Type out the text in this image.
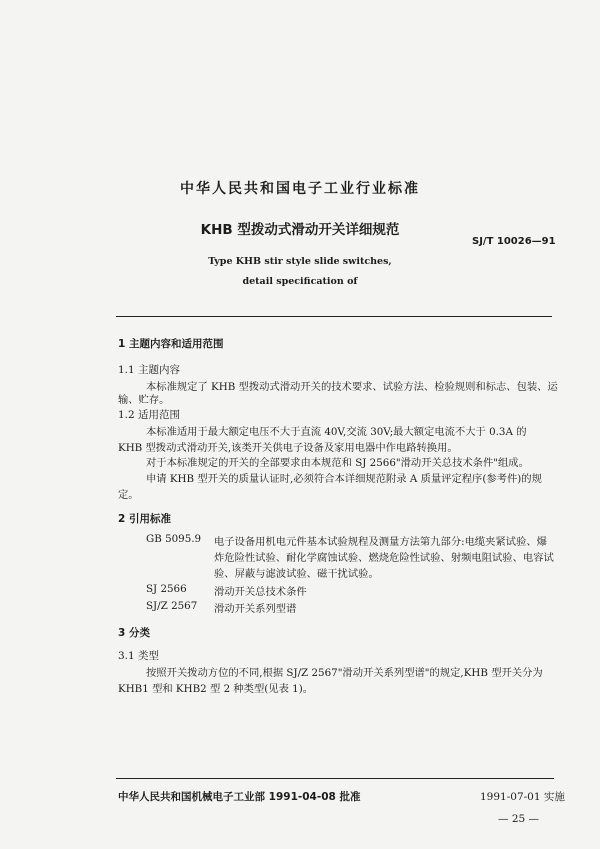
中华人民共和国电子工业行业标准
KHB 型拨动式滑动开关详细规范
SJ/T 10026—91
Type KHB stir style slide switches,
detail specification of
1 主题内容和适用范围
1.1 主题内容
本标准规定了 KHB 型拨动式滑动开关的技术要求、试验方法、检验规则和标志、包装、运
输、贮存。
1.2 适用范围
本标准适用于最大额定电压不大于直流 40V,交流 30V;最大额定电流不大于 0.3A 的
KHB 型拨动式滑动开关,该类开关供电子设备及家用电器中作电路转换用。
对于本标准规定的开关的全部要求由本规范和 SJ 2566"滑动开关总技术条件"组成。
申请 KHB 型开关的质量认证时,必须符合本详细规范附录 A 质量评定程序(参考件)的规
定。
2 引用标准
GB 5095.9 电子设备用机电元件基本试验规程及测量方法第九部分:电缆夹紧试验、爆
炸危险性试验、耐化学腐蚀试验、燃烧危险性试验、射频电阻试验、电容试
验、屏蔽与滤波试验、磁干扰试验。
SJ 2566	滑动开关总技术条件
SJ/Z 2567 滑动开关系列型谱
3 分类
3.1 类型
按照开关拨动方位的不同,根据 SJ/Z 2567"滑动开关系列型谱"的规定,KHB 型开关分为
KHB1 型和 KHB2 型 2 种类型(见表 1)。
中华人民共和国机械电子工业部 1991-04-08 批准	1991-07-01 实施
— 25 —
